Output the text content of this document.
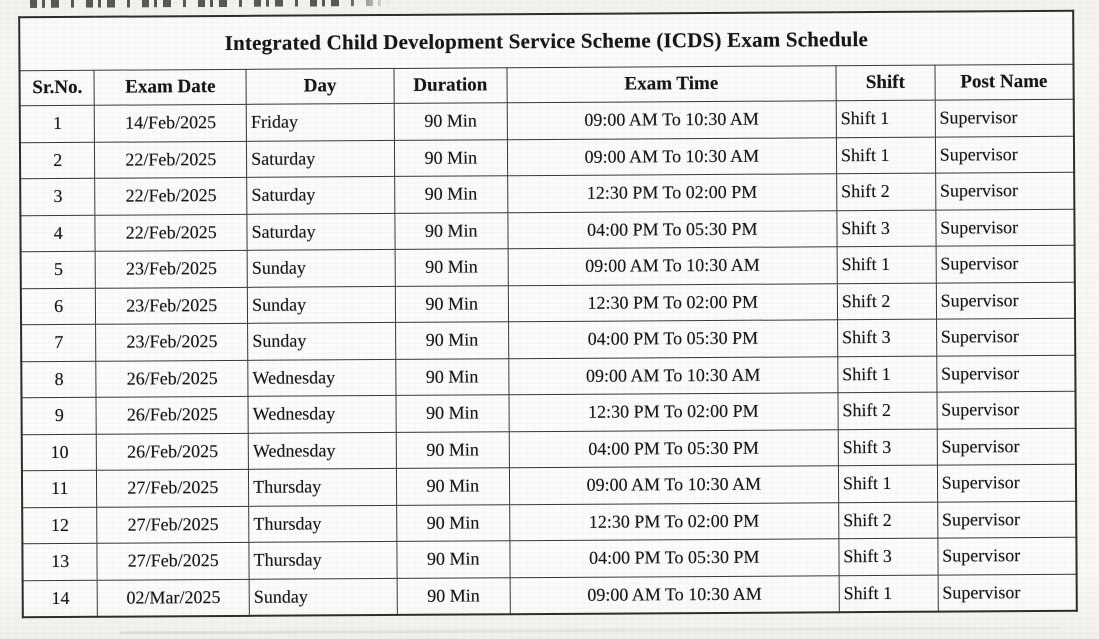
Integrated Child Development Service Scheme (ICDS) Exam Schedule						
Sr.No.	Exam Date	Day	Duration	Exam Time	Shift	Post Name
1	14/Feb/2025	Friday	90 Min	09:00 AM To 10:30 AM	Shift 1	Supervisor
2	22/Feb/2025	Saturday	90 Min	09:00 AM To 10:30 AM	Shift 1	Supervisor
3	22/Feb/2025	Saturday	90 Min	12:30 PM To 02:00 PM	Shift 2	Supervisor
4	22/Feb/2025	Saturday	90 Min	04:00 PM To 05:30 PM	Shift 3	Supervisor
5	23/Feb/2025	Sunday	90 Min	09:00 AM To 10:30 AM	Shift 1	Supervisor
6	23/Feb/2025	Sunday	90 Min	12:30 PM To 02:00 PM	Shift 2	Supervisor
7	23/Feb/2025	Sunday	90 Min	04:00 PM To 05:30 PM	Shift 3	Supervisor
8	26/Feb/2025	Wednesday	90 Min	09:00 AM To 10:30 AM	Shift 1	Supervisor
9	26/Feb/2025	Wednesday	90 Min	12:30 PM To 02:00 PM	Shift 2	Supervisor
10	26/Feb/2025	Wednesday	90 Min	04:00 PM To 05:30 PM	Shift 3	Supervisor
11	27/Feb/2025	Thursday	90 Min	09:00 AM To 10:30 AM	Shift 1	Supervisor
12	27/Feb/2025	Thursday	90 Min	12:30 PM To 02:00 PM	Shift 2	Supervisor
13	27/Feb/2025	Thursday	90 Min	04:00 PM To 05:30 PM	Shift 3	Supervisor
14	02/Mar/2025	Sunday	90 Min	09:00 AM To 10:30 AM	Shift 1	Supervisor
